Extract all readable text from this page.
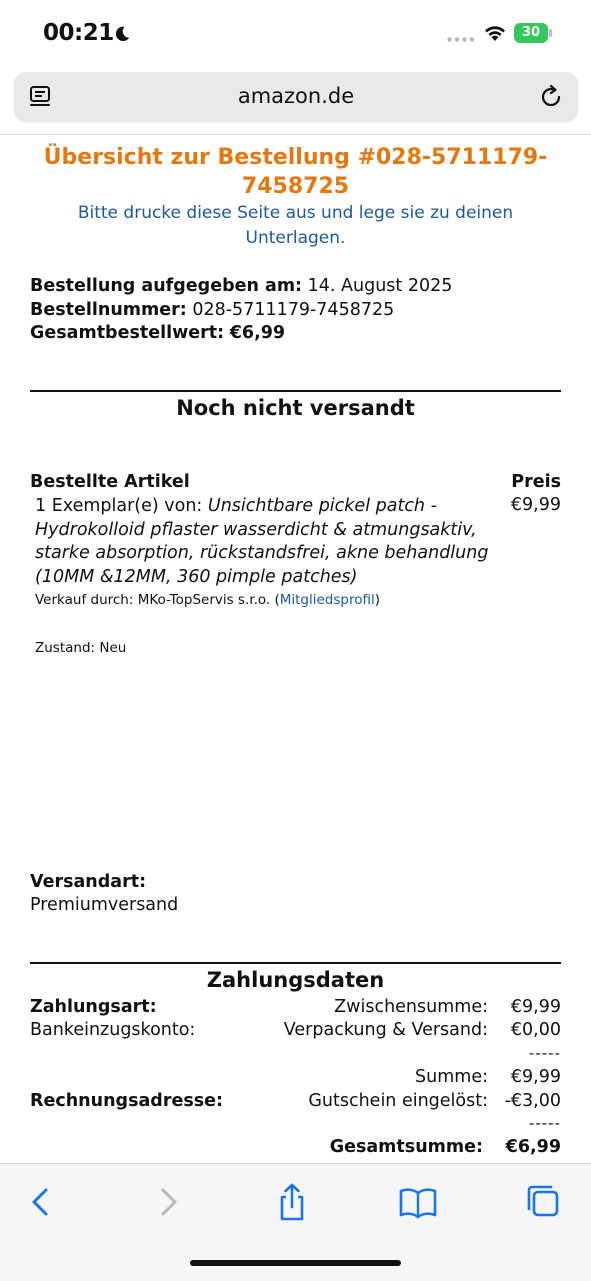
00:21	30
amazon.de
Übersicht zur Bestellung #028-5711179-7458725
Bitte drucke diese Seite aus und lege sie zu deinen Unterlagen.
Bestellung aufgegeben am: 14. August 2025
Bestellnummer: 028-5711179-7458725
Gesamtbestellwert: €6,99
Noch nicht versandt
Bestellte Artikel	Preis
1 Exemplar(e) von: Unsichtbare pickel patch - Hydrokolloid pflaster wasserdicht & atmungsaktiv, starke absorption, rückstandsfrei, akne behandlung (10MM &12MM, 360 pimple patches)
€9,99
Verkauf durch: MKo-TopServis s.r.o. (Mitgliedsprofil)
Zustand: Neu
Versandart:
Premiumversand
Zahlungsdaten
Zahlungsart:
Bankeinzugskonto:
Rechnungsadresse:
Zwischensumme: €9,99
Verpackung & Versand: €0,00
-----
Summe: €9,99
Gutschein eingelöst: -€3,00
-----
Gesamtsumme: €6,99
